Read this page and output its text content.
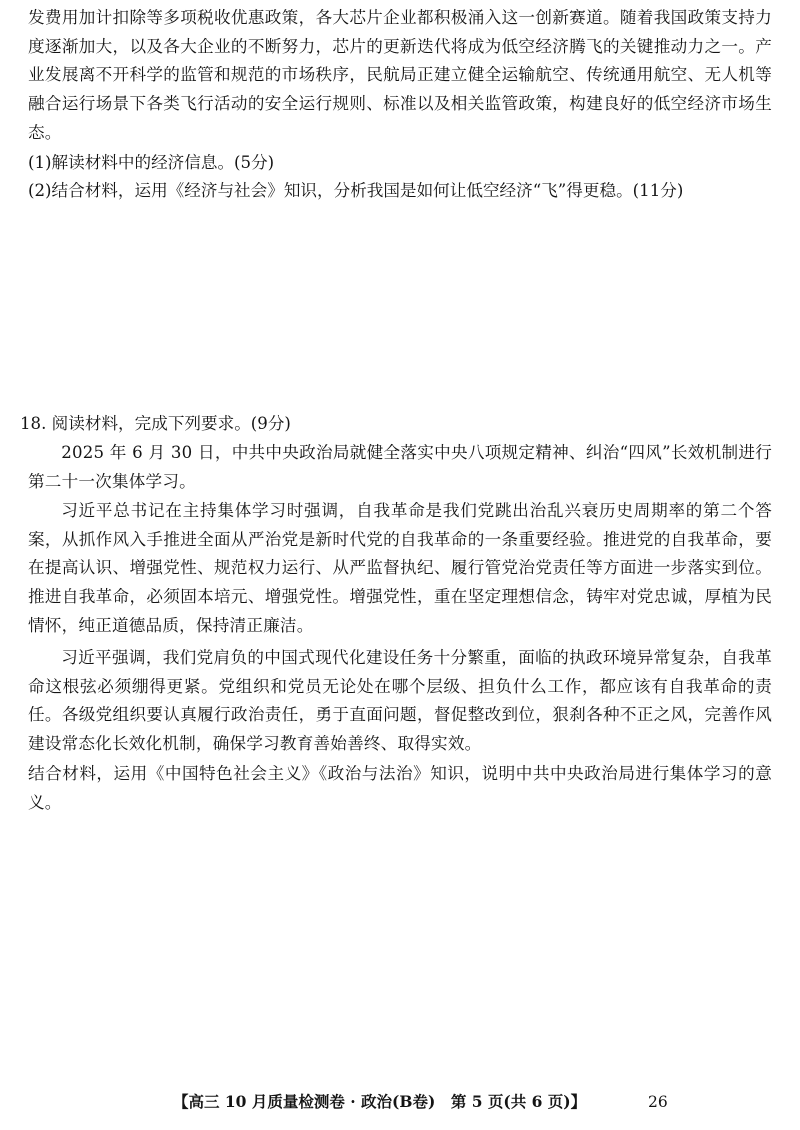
发费用加计扣除等多项税收优惠政策，各大芯片企业都积极涌入这一创新赛道。随着我国政策支持力度逐渐加大，以及各大企业的不断努力，芯片的更新迭代将成为低空经济腾飞的关键推动力之一。产业发展离不开科学的监管和规范的市场秩序，民航局正建立健全运输航空、传统通用航空、无人机等融合运行场景下各类飞行活动的安全运行规则、标准以及相关监管政策，构建良好的低空经济市场生态。

(1)解读材料中的经济信息。(5分)

(2)结合材料，运用《经济与社会》知识，分析我国是如何让低空经济“飞”得更稳。(11分)

18. 阅读材料，完成下列要求。(9分)

2025 年 6 月 30 日，中共中央政治局就健全落实中央八项规定精神、纠治“四风”长效机制进行第二十一次集体学习。

习近平总书记在主持集体学习时强调，自我革命是我们党跳出治乱兴衰历史周期率的第二个答案，从抓作风入手推进全面从严治党是新时代党的自我革命的一条重要经验。推进党的自我革命，要在提高认识、增强党性、规范权力运行、从严监督执纪、履行管党治党责任等方面进一步落实到位。推进自我革命，必须固本培元、增强党性。增强党性，重在坚定理想信念，铸牢对党忠诚，厚植为民情怀，纯正道德品质，保持清正廉洁。

习近平强调，我们党肩负的中国式现代化建设任务十分繁重，面临的执政环境异常复杂，自我革命这根弦必须绷得更紧。党组织和党员无论处在哪个层级、担负什么工作，都应该有自我革命的责任。各级党组织要认真履行政治责任，勇于直面问题，督促整改到位，狠刹各种不正之风，完善作风建设常态化长效化机制，确保学习教育善始善终、取得实效。

结合材料，运用《中国特色社会主义》《政治与法治》知识，说明中共中央政治局进行集体学习的意义。

【高三 10 月质量检测卷 · 政治(B卷)　第 5 页(共 6 页)】	26
